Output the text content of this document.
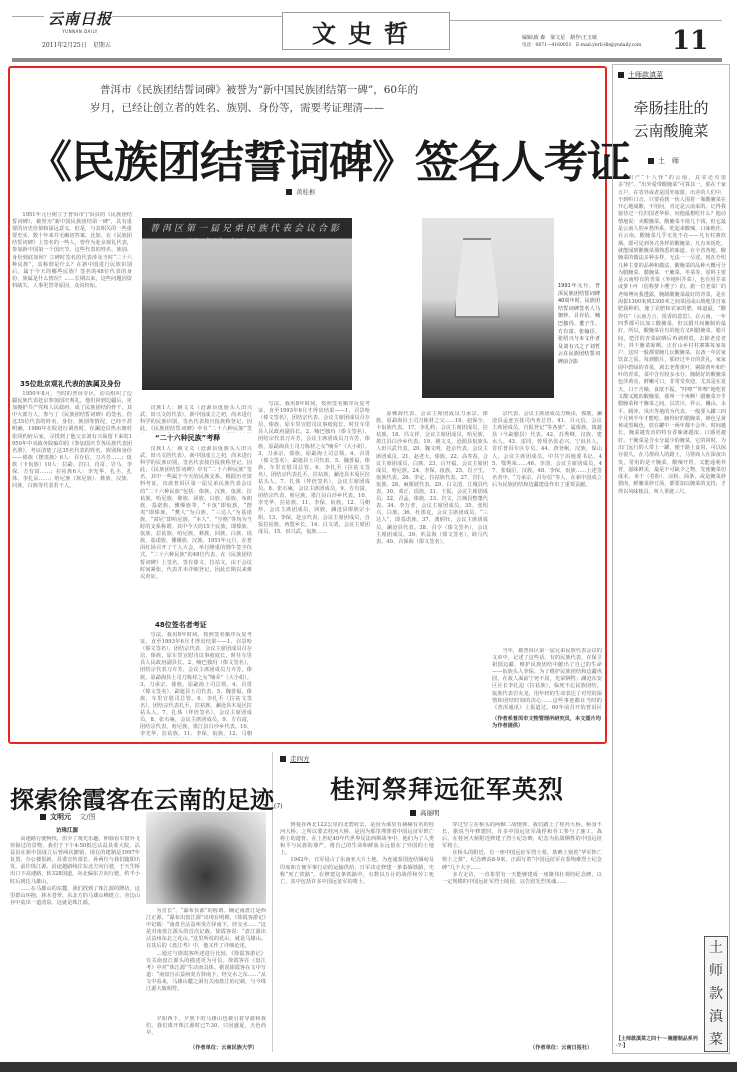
云南日报
YUNNAN DAILY
2011年2月25日　星期五	文史哲	编辑\致 森　梁文星　制作\王玉敏
电话：0871—4160051　E-mail:ynrb-llb@yndaily.com 11
普洱市《民族团结誓词碑》被誉为“新中国民族团结第一碑”，60年的
岁月，已经让创立者的姓名、族别、身份等，需要考证理清——
《民族团结誓词碑》签名人考证
黄桂枢
普洱区第一届兄弟民族代表会议合影
一九五一年元月二十一日
1991年元旦，普洱民族团结誓词碑40周年时，民族团结誓词碑签名人马朝珍、召存信、喃巴独玛、董子生、方有富、张翰臣、张绍兴与本文作者及刘有兴之子刘哲云在民族团结誓词碑前合影

1951年元旦树立于普洱市宁洱县的《民族团结誓词碑》，被誉为“新中国民族团结第一碑”，具有重要的历史价值和深远意义。但是，与其相关的一些重要史实，数十年来并无确切答案。比如，在《民族团结誓词碑》上签名的一些人，曾作为赴京观礼代表，参加新中国第一个国庆节，这些代表的姓名、族别、身份到底如何？立碑时签名的代表涉及当时“二十六种民族”，其称谓是什么？在新中国进行民族识别后，属于今天的哪些民族？签名的48位代表的身份、族属是什么情况？……长期以来，这些问题因资料缺失、人事更替等原因，众说纷纭。

35位赴京观礼代表的族属及身份

1950年8月，当时的普洱专区，动员组织了边疆民族代表赴京参加国庆观礼，他们回到边疆后，更加拥护共产党和人民政府，成了民族团结的骨干。其中大部分人，参与了《民族团结誓词碑》的签名。但这35位代表的姓名、身份、族别等情况，已经不甚明确。1986年在收进行调查时，在澜沧县热水塘村张同约府后家，寻找到了他父亲刘有兴保留下来的1950年中央政务院编印的《参加国庆节各民族代表团名册》，考证清楚了这35名代表的姓名、族别和身份——傣族（摆夷族）6人：召存信、刀卉芳……；佤族（卡佤族）10人：拉勐、岩扫、肖哥、岩马、李保、方有富……；拉祜族6人：李光华、扎丕、扎体、李扎呆……；哈尼族（窝尼族）、彝族、汉族、回族、白族等代表若干人。

汉族1人：姚文义（沧源县佤族头人田兴武、田兴文的代表）。新中国成立之初，尚未进行科学的民族识别，签名代表按自报族称登记，因此，《民族团结誓词碑》中有“二十六种民族”签

“二十六种民族”考释

汉族1人：姚文义（沧源县佤族头人田兴武、田兴文的代表）。新中国成立之初，尚未进行科学的民族识别，签名代表按自报族称登记，因此，《民族团结誓词碑》中有“二十六种民族”签名，其中一些属于今天的民族支系。根据历史资料考证，出席普洱区第一届兄弟民族代表会议的“二十六种民族”包括：傣族、汉族、佤族、拉祜族、哈尼族、彝族、回族、白族、瑶族、布朗族、基诺族、傈僳族等，“卡佤”即佤族，“摆夷”即傣族，“僰人”为白族，“三达人”为基诺族，“窝尼”即哈尼族，“本人”、“空格”等均为当时的支系称谓。其中今天的15个民族，即傣族、佤族、拉祜族、哈尼族、彝族、回族、白族、瑶族、基诺族、傈僳族、汉族。1951年元旦，在普洱红场召开了千人大会，举行隆重的剽牛签字仪式。“二十六种民族”的48位代表，在《民族团结誓词碑》上签名，签有傣文、拉祜文，由于会议时间紧张，代表并未详细登记，因此长期以来难以查证。

48位签名者考证

写法。我用8年时间，按照签名顺序反复考证，直至1993年6月才得出结果——1、召景哈（傣文签名），团结宗代表、会议主席团成员召存信，傣族，原车里宣慰司议事庭庭长，时任车里县人民政府副县长。2、喃巴独玛（傣文签名），团结宗代表刀卉芳，会议主席团成员刀卉芳，傣族，原勐海县土司刀栋材之女“喃乔”（大小姐）。3、刀承宗，傣族，原勐海土司总领。4、召贯（傣文签名），勐遮县土司代表。5、魏善福，傣族，车里宣慰司总管。6、李扎丕（拉祜文签名），团结宗代表扎丕，拉祜族，澜沧县木戛区拉祜头人。7、扎体（拜倍签名），会议主席团成员。8、张石庵，会议主席团成员。9、方有富，团结宗代表，哈尼族，墨江县白沙乡代表。10、李光华，拉祜族。11、李保，佤族。12、马朝

写法。我用8年时间，按照签名顺序反复考证，直至1993年6月才得出结果——1、召景哈（傣文签名），团结宗代表、会议主席团成员召存信，傣族，原车里宣慰司议事庭庭长，时任车里县人民政府副县长。2、喃巴独玛（傣文签名），团结宗代表刀卉芳，会议主席团成员刀卉芳，傣族，原勐海县土司刀栋材之女“喃乔”（大小姐）。3、刀承宗，傣族，原勐海土司总领。4、召贯（傣文签名），勐遮县土司代表。5、魏善福，傣族，车里宣慰司总管。6、李扎丕（拉祜文签名），团结宗代表扎丕，拉祜族，澜沧县木戛区拉祜头人。7、扎体（拜倍签名），会议主席团成员。8、张石庵，会议主席团成员。9、方有富，团结宗代表，哈尼族，墨江县白沙乡代表。10、李光华，拉祜族。11、李保，佤族。12、马朝珍，会议主席团成员，回族，澜沧县傣族宗小姐。13、李保，赴京代表，会议主席团成员，自报拉祜族，西盟乡长。14、白文清，会议主席团成员。15、田兴武，佤族……

原佛海代表、会议主席团成员刀承宗，傣族，原勐海县土司刀栋材之父……16、赵保全，卡佤族代表。17、李扎约，会议主席团成员，拉祜族。18、冯文祥，会议主席团成员，哈尼族，墨江县白沙乡代表。19、姚文义，沧源县佤族头人田兴武代表。20、魏文明，赴京代表，会议主席团成员。21、赵老大，傣族。22、高寿春，会议主席团成员，白族。23、白开福，会议主席团成员，哈尼族。24、李保，佤族。25、肖子生，佤族代表。26、李定，拉祜族代表。27、岩扫，佤族。28、麻栗坡代表。29、白文清，江城县代表。30、邓正，瑶族。31、王振，会议主席团成员。32、召孟，傣族。33、岩文，江城县整董代表。34、李万孝，会议主席团成员。35、张绍兴，白族。36、杜那克，会议主席团成员，“三达人”，即基诺族。37、龚炳钰，会议主席团成员，澜沧县代表。38、召令（傣文签名），会议主席团成员。39、叭益海（傣文签名），耿马代表。40、召保海（傣文签名）。

宗代表、会议主席团成员刀焕由，傣族，澜沧县孟连宣抚司内务总管。41、召元信，会议主席团成员，自报登记“等各族”，属傣族，镇越县（今勐腊县）代表。42、苏秀峰，汉族，建水人。43、雷同，曾用名张必兴，宁洱县人，首任普洱专区专员。44、唐登岷，汉族，保山人，会议主席团成员，中共宁洱地委书记。45、鄂秀荣……46、李清，会议主席团成员。47、张翰臣，汉族。48、李保，佤族……上述签名者中，“刀承宗、召存信”等人，在新中国成立后为民族团结和边疆建设作出了重要贡献。

当年，被普洱区第一届兄弟民族代表会议的文章中，记述了这些话。有的民族代表，在保卫祖国边疆、维护民族团结中献出了自己的生命——佤族头人李保，为了维护民族团结和边疆巩固，在敌人面前宁死不屈，光荣牺牲；澜沧东安区区长李扎迫（拉祜族），临死不忘民族团结。佤族代表岩火龙，用年轻的生命表达了对党的深情和团结时刻的决心……这些事迹都在当时的《普洱通讯》上报道过。60年前召开的普洱区

（作者系普洱市文物管理所研究员，本文图片均为作者提供）
土师款滇菜
牵肠挂肚的
云南酸腌菜
土　师

出产“十八怪”的云南，其实还有很多“怪”。“出外爱带酸腌菜”可算其一。那在千家万户，在省外或者是国外旅游、出差的人们中，不到听口音，只要看到一伙人围着一瓶酸腌菜在开心地闻酸，不用问，肯定是云南来的。记得我接待过一位归国老华侨，问他最想吃什么？他动情地说：卖酸腌菜。酸腌菜不值几个钱，但它最是云南人的乡愁所系，吃起来酸辣，口味绝佳。在云南，酸腌菜几乎无处不在——凡有村寨炊烟，即可见到各式各样的酸腌菜；凡有米饭吃，就能闻到酸腌菜那熟悉的味道。在全省各地，酸腌菜的做法多种多样，无法一一尽述。现在介绍几种主要的品种和做法。酸腌菜的品种大概可分为腊腌菜、腊腌菜、干腌菜、冬菜等。原料主要是云南特有的青菜（外地叫芥菜），也有用芥菜或萝卜叶（俗称萝卜缨子）的。据一位老菜厂的老师傅向我透露，腌制酸腌菜最好的青菜，是在海拔1300米到2300米之间菜园或山坡地里自家肥栽种的，施了农肥和农家的肥，味道最，“酸得住”（云南方言，很香的意思）。在云南，一年四季都可以加工酸腌菜，但以腊月间腌制的最好。所以，酸腌菜在有的地方又叫腊腌菜。腊月间，把洋的青菜砍晒后再剥到蔫，去除老皮老叶，抖干腌菜晾晒。正好山乡村村寨寨每家每户，这时一般都要腌几坛酸腌菜，以备一年居家饮食之需。每到腊月，那经过冬日的洗礼，家家园中碧绿的青菜，剥去老帮黄叶，剔除黄叶和烂叶的青菜，菜中含有较多水分。腌制好的酸腌菜色泽黄亮，鲜嫩可口，非常受欢迎。尤其是在夏天，口干舌燥、食欲不振，“咔嚓”“咔嚓”地吃着又酸又脆的酸腌菜，那叫一个爽啊！腊腌菜介乎腊腌菜和干腌菜之间，以宾川、祥云、巍山、永平、腾冲、凤庆等地的为代表。一般要入罐三四个月到半年才能吃。腌得好的腊腌菜，颜色呈黄黄或黑褐色，放在罐中一两年都不会坏。时间越长，腌菜越发出的特有香味就越浓，口感更越好。干腌菜是含水分最少的腌菜，它的同时，为出门远行的人带上一罐，便于路上食用，可以保存很久。在马帮商人的路上，马帮商人在深夜出发，常用的是干腌菜，酸辣开胃。又能通利养胃，滋味鲜美，最是不可缺少之物，先使腌菜切成末，米干（卷粉）、凉粉、面条，或是腌菜炒猪肉，鲜腌菜炒豆汤，都要加以腌菜的支持，才得以风味独具，叫人垂涎三尺。

【土师款滇菜之四十一·腌腊制品系列·7·】
探索徐霞客在云南的足迹(7)
文明元 文/图
访珠江源

高速路行驶畅快，但少了观光乐趣，伸颈看车窗外飞快掠过的景物，我们于下午4:50抵达沾益县委大院。沾益县在新中国成立后曾两次撤销，现在的建制是1997年复置，办公楼很新。县委宣传部长、孙两位与我们随即出发，前往珠江源。沿途越路线往东北方向行驶，于天生桥出口下高速路，转328国道，向北偏东方向行驶，约半小时后到达马雄山。

……在马雄山的东麓，我们找到了珠江源的牌坊。这里群山环抱，林木苍翠，东北方的马雄山峰挺立，旁边山谷中流出一道清泉。这就是珠江源。

为首长”、“瀑布县源”的称谓。确定南盘江是西江正源。“瀑布出盘江源”出现在明朝，《徐霞客游记》中记载：“南盘自沾益州炎方驿南下，经交水……”这是对南盘江源头的首次记载。徐霞客说：“盘江源出沾益州东北之花山。”这里所说的花山，就是马雄山。在其后的《盘江考》中，他又作了详细论述。

…通过与徐霞客所述进行比较，《徐霞客游记》有关南盘江源头的描述更为可信。徐霞客在《盘江考》中对“珠江源”生动而具体。据说徐霞客在文中写道：“南盘自沾益州炎方驿南下，经交水之东……”从文中看来，马雄山麓之洞有关南盘江的记载，与今珠江源大致相符。

夕阳西下，夕照下的马雄山也被引着导游和我们，我们离开珠江源时已7:30，只因盛夏，天色尚早。

（作者单位：云南民族大学）
走四方
桂河祭拜远征军英烈
高丽明

到曼谷西北122公里的北碧府去，是因为那里有赫赫有名的桂河大桥。之所以要去桂河大桥，是因为那里埋葬着中国远征军阵亡将士的遗骨。在上世纪40年代世界反法西斯战争中，他们为了人类和平与民族的尊严，将自己的生命和鲜血永远留在了异国的土地上。

1942年，日军侵占了东南亚大片土地，为连通泰国连结缅甸及印度和方便军事行动的运输供给，日军决定修建一条泰缅铁路，史称“死亡铁路”。在修建这条铁路中，有数以万计的战俘和劳工死亡，其中包括许多中国远征军的将士。

穿过竖立在桥头的两颗二战炮弹，我们踏上了桂河大桥。桥身不长，据说当年修建时，许多中国远征军战俘和劳工参与了施工。战后，在桂河大桥附近修建了烈士纪念碑，纪念为抗战牺牲的中国远征军将士。

在桥头的附近，有一座中国远征军烈士墓，墓碑上刻着“华军阵亡将士之墓”，纪念碑高8-9米，正面写着“中国远征军在泰殉难烈士纪念碑”几个大字……

多方走访，一直希望有一天能够建成一座雄伟壮观的纪念碑，以一定规模的中国远征军烈士陵园，以告慰先烈英魂……

（作者单位：云南日报社）
土
师
款
滇
菜
